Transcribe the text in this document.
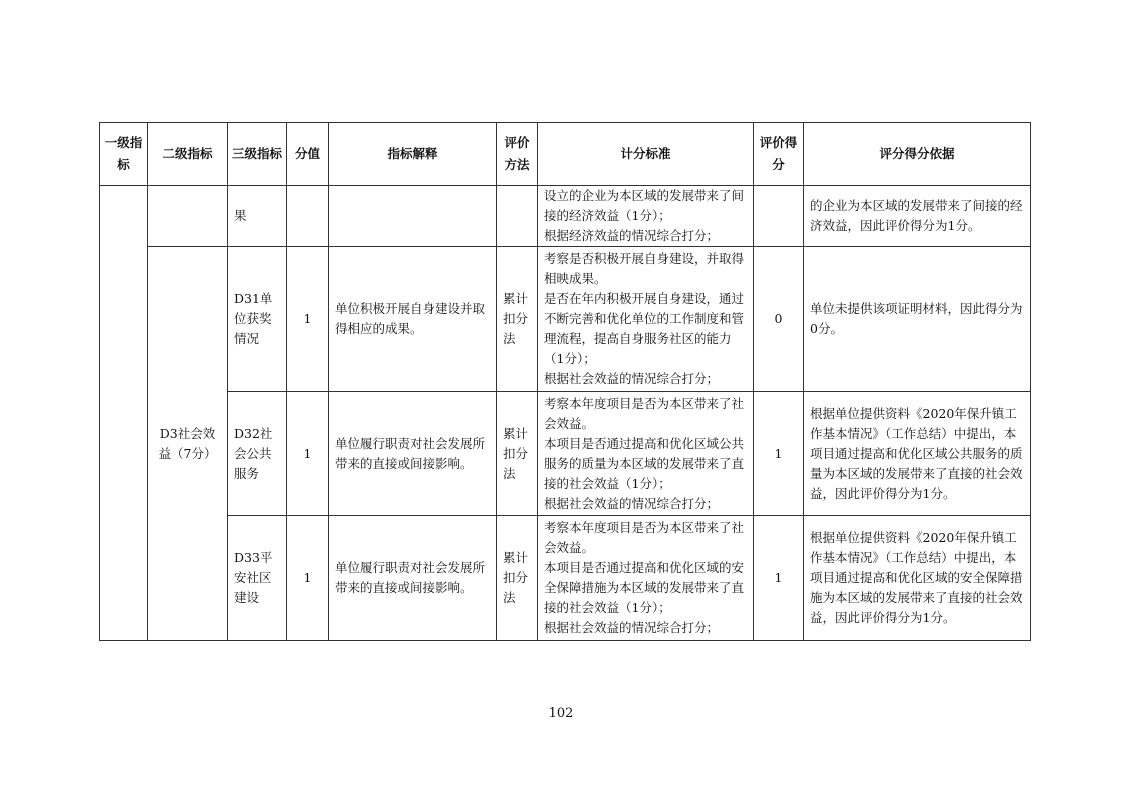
一级指标	二级指标	三级指标	分值	指标解释	评价方法	计分标准	评价得分	评分得分依据
		果				设立的企业为本区域的发展带来了间接的经济效益（1分）；
根据经济效益的情况综合打分；		的企业为本区域的发展带来了间接的经济效益，因此评价得分为1分。
	D3社会效益（7分）	D31单位获奖情况	1	单位积极开展自身建设并取得相应的成果。	累计扣分法	考察是否积极开展自身建设，并取得相映成果。
是否在年内积极开展自身建设，通过不断完善和优化单位的工作制度和管理流程，提高自身服务社区的能力（1分）；
根据社会效益的情况综合打分；	0	单位未提供该项证明材料，因此得分为0分。
		D32社会公共服务	1	单位履行职责对社会发展所带来的直接或间接影响。	累计扣分法	考察本年度项目是否为本区带来了社会效益。
本项目是否通过提高和优化区域公共服务的质量为本区域的发展带来了直接的社会效益（1分）；
根据社会效益的情况综合打分；	1	根据单位提供资料《2020年保升镇工作基本情况》（工作总结）中提出，本项目通过提高和优化区域公共服务的质量为本区域的发展带来了直接的社会效益，因此评价得分为1分。
		D33平安社区建设	1	单位履行职责对社会发展所带来的直接或间接影响。	累计扣分法	考察本年度项目是否为本区带来了社会效益。
本项目是否通过提高和优化区域的安全保障措施为本区域的发展带来了直接的社会效益（1分）；
根据社会效益的情况综合打分；	1	根据单位提供资料《2020年保升镇工作基本情况》（工作总结）中提出，本项目通过提高和优化区域的安全保障措施为本区域的发展带来了直接的社会效益，因此评价得分为1分。
102
